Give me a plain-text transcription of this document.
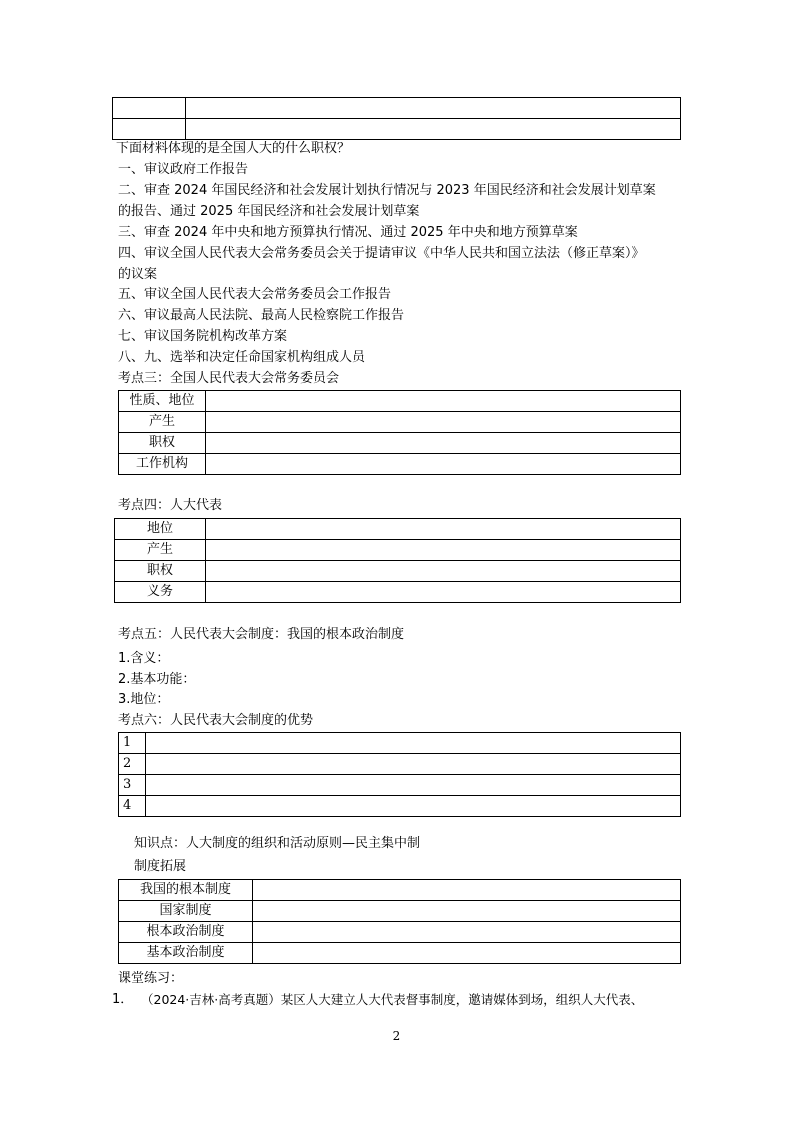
下面材料体现的是全国人大的什么职权？
一、审议政府工作报告
二、审查 2024 年国民经济和社会发展计划执行情况与 2023 年国民经济和社会发展计划草案
的报告、通过 2025 年国民经济和社会发展计划草案
三、审查 2024 年中央和地方预算执行情况、通过 2025 年中央和地方预算草案
四、审议全国人民代表大会常务委员会关于提请审议《中华人民共和国立法法（修正草案）》
的议案
五、审议全国人民代表大会常务委员会工作报告
六、审议最高人民法院、最高人民检察院工作报告
七、审议国务院机构改革方案
八、九、选举和决定任命国家机构组成人员
考点三：全国人民代表大会常务委员会
性质、地位	
产生	
职权	
工作机构	
考点四：人大代表
地位	
产生	
职权	
义务	
考点五：人民代表大会制度：我国的根本政治制度
1.含义：
2.基本功能：
3.地位：
考点六：人民代表大会制度的优势
1	
2	
3	
4	
知识点：人大制度的组织和活动原则—民主集中制
制度拓展
我国的根本制度	
国家制度	
根本政治制度	
基本政治制度	
课堂练习：
1． （2024·吉林·高考真题）某区人大建立人大代表督事制度，邀请媒体到场，组织人大代表、
2
